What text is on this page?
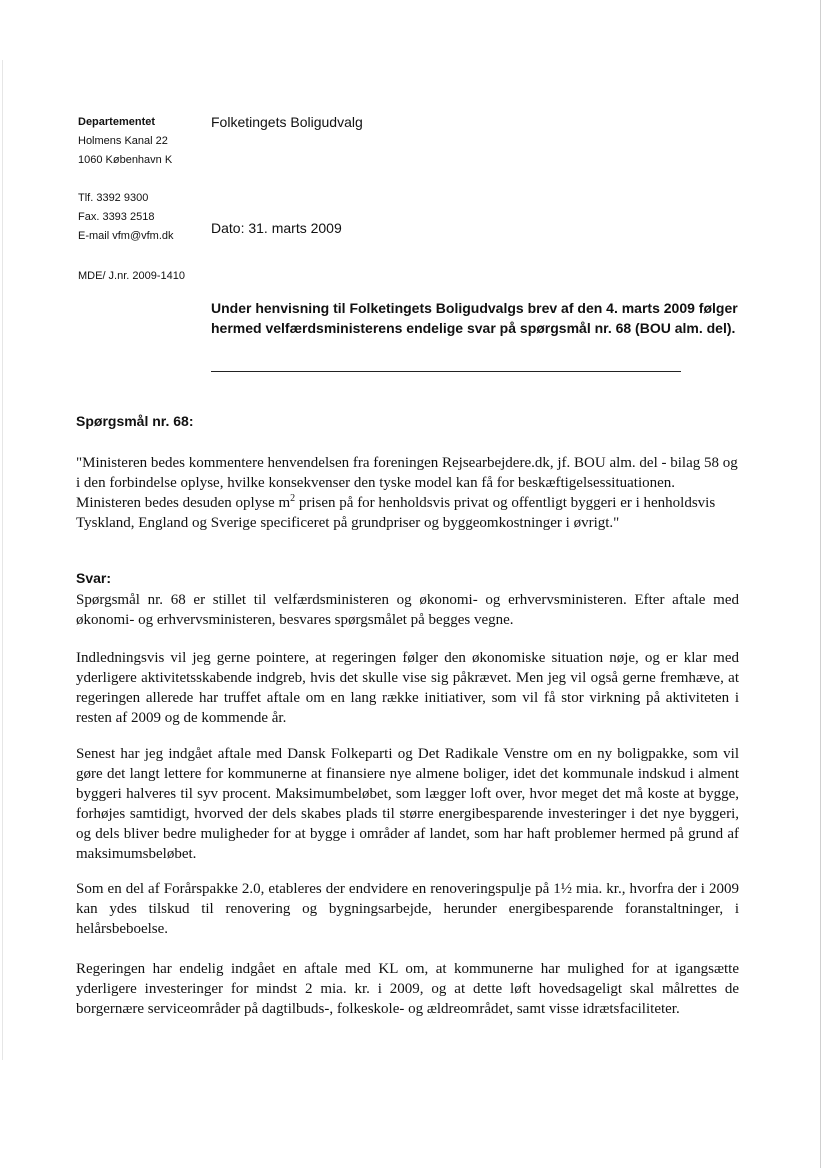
Departementet
Holmens Kanal 22
1060 København K
Tlf. 3392 9300
Fax. 3393 2518
E-mail vfm@vfm.dk
Folketingets Boligudvalg
Dato: 31. marts 2009
MDE/ J.nr. 2009-1410
Under henvisning til Folketingets Boligudvalgs brev af den 4. marts 2009 følger hermed velfærdsministerens endelige svar på spørgsmål nr. 68 (BOU alm. del).
Spørgsmål nr. 68:
"Ministeren bedes kommentere henvendelsen fra foreningen Rejsearbejdere.dk, jf. BOU alm. del - bilag 58 og i den forbindelse oplyse, hvilke konsekvenser den tyske model kan få for beskæftigelsessituationen. Ministeren bedes desuden oplyse $m^2$ prisen på for henholdsvis privat og offentligt byggeri er i henholdsvis Tyskland, England og Sverige specificeret på grundpriser og byggeomkostninger i øvrigt."
Svar:
Spørgsmål nr. 68 er stillet til velfærdsministeren og økonomi- og erhvervsministeren. Efter aftale med økonomi- og erhvervsministeren, besvares spørgsmålet på begges vegne.
Indledningsvis vil jeg gerne pointere, at regeringen følger den økonomiske situation nøje, og er klar med yderligere aktivitetsskabende indgreb, hvis det skulle vise sig påkrævet. Men jeg vil også gerne fremhæve, at regeringen allerede har truffet aftale om en lang række initiativer, som vil få stor virkning på aktiviteten i resten af 2009 og de kommende år.
Senest har jeg indgået aftale med Dansk Folkeparti og Det Radikale Venstre om en ny boligpakke, som vil gøre det langt lettere for kommunerne at finansiere nye almene boliger, idet det kommunale indskud i alment byggeri halveres til syv procent. Maksimumbeløbet, som lægger loft over, hvor meget det må koste at bygge, forhøjes samtidigt, hvorved der dels skabes plads til større energibesparende investeringer i det nye byggeri, og dels bliver bedre muligheder for at bygge i områder af landet, som har haft problemer hermed på grund af maksimumsbeløbet.
Som en del af Forårspakke 2.0, etableres der endvidere en renoveringspulje på 1½ mia. kr., hvorfra der i 2009 kan ydes tilskud til renovering og bygningsarbejde, herunder energibesparende foranstaltninger, i helårsbeboelse.
Regeringen har endelig indgået en aftale med KL om, at kommunerne har mulighed for at igangsætte yderligere investeringer for mindst 2 mia. kr. i 2009, og at dette løft hovedsageligt skal målrettes de borgernære serviceområder på dagtilbuds-, folkeskole- og ældreområdet, samt visse idrætsfaciliteter.
